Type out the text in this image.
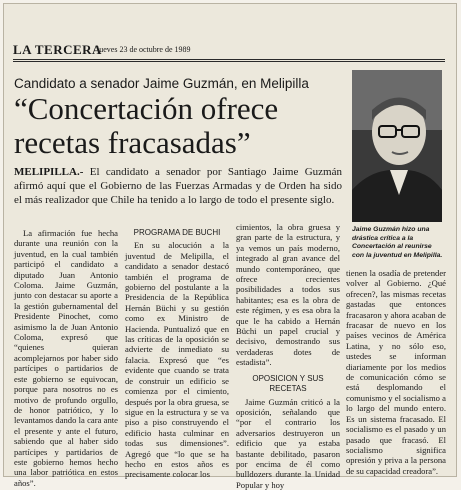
LA TERCERA
jueves 23 de octubre de 1989
Candidato a senador Jaime Guzmán, en Melipilla
“Concertación ofrece recetas fracasadas”
MELIPILLA.- El candidato a senador por Santiago Jaime Guzmán afirmó aquí que el Gobierno de las Fuerzas Armadas y de Orden ha sido el más realizador que Chile ha tenido a lo largo de todo el presente siglo.
Jaime Guzmán hizo una drástica crítica a la Concertación al reunirse con la juventud en Melipilla.

La afirmación fue hecha durante una reunión con la juventud, en la cual también participó el candidato a diputado Juan Antonio Coloma. Jaime Guzmán, junto con destacar su aporte a la gestión gubernamental del Presidente Pinochet, como asimismo la de Juan Antonio Coloma, expresó que “quienes quieran acomplejarnos por haber sido partícipes o partidarios de este gobierno se equivocan, porque para nosotros no es motivo de profundo orgullo, de honor patriótico, y lo levantamos dando la cara ante el presente y ante el futuro, sabiendo que al haber sido partícipes y partidarios de este gobierno hemos hecho una labor patriótica en estos años”.

PROGRAMA DE BUCHI

En su alocución a la juventud de Melipilla, el candidato a senador destacó también el programa de gobierno del postulante a la Presidencia de la República Hernán Büchi y su gestión como ex Ministro de Hacienda. Puntualizó que en las críticas de la oposición se advierte de inmediato su falacia. Expresó que “es evidente que cuando se trata de construir un edificio se comienza por el cimiento, después por la obra gruesa, se sigue en la estructura y se va piso a piso construyendo el edificio hasta culminar en todas sus dimensiones”. Agregó que “lo que se ha hecho en estos años es precisamente colocar los

cimientos, la obra gruesa y gran parte de la estructura, y ya vemos un país moderno, integrado al gran avance del mundo contemporáneo, que ofrece crecientes posibilidades a todos sus habitantes; esa es la obra de este régimen, y es esa obra la que le ha cabido a Hernán Büchi un papel crucial y decisivo, demostrando sus verdaderas dotes de estadista”.

OPOSICION Y SUS RECETAS

Jaime Guzmán criticó a la oposición, señalando que “por el contrario los adversarios destruyeron un edificio que ya estaba bastante debilitado, pasaron por encima de él como bulldozers durante la Unidad Popular y hoy

tienen la osadía de pretender volver al Gobierno. ¿Qué ofrecen?, las mismas recetas gastadas que entonces fracasaron y ahora acaban de fracasar de nuevo en los países vecinos de América Latina, y no sólo eso, ustedes se informan diariamente por los medios de comunicación cómo se está desplomando el comunismo y el socialismo a lo largo del mundo entero. Es un sistema fracasado. El socialismo es el pasado y un pasado que fracasó. El socialismo significa opresión y priva a la persona de su capacidad creadora”.
